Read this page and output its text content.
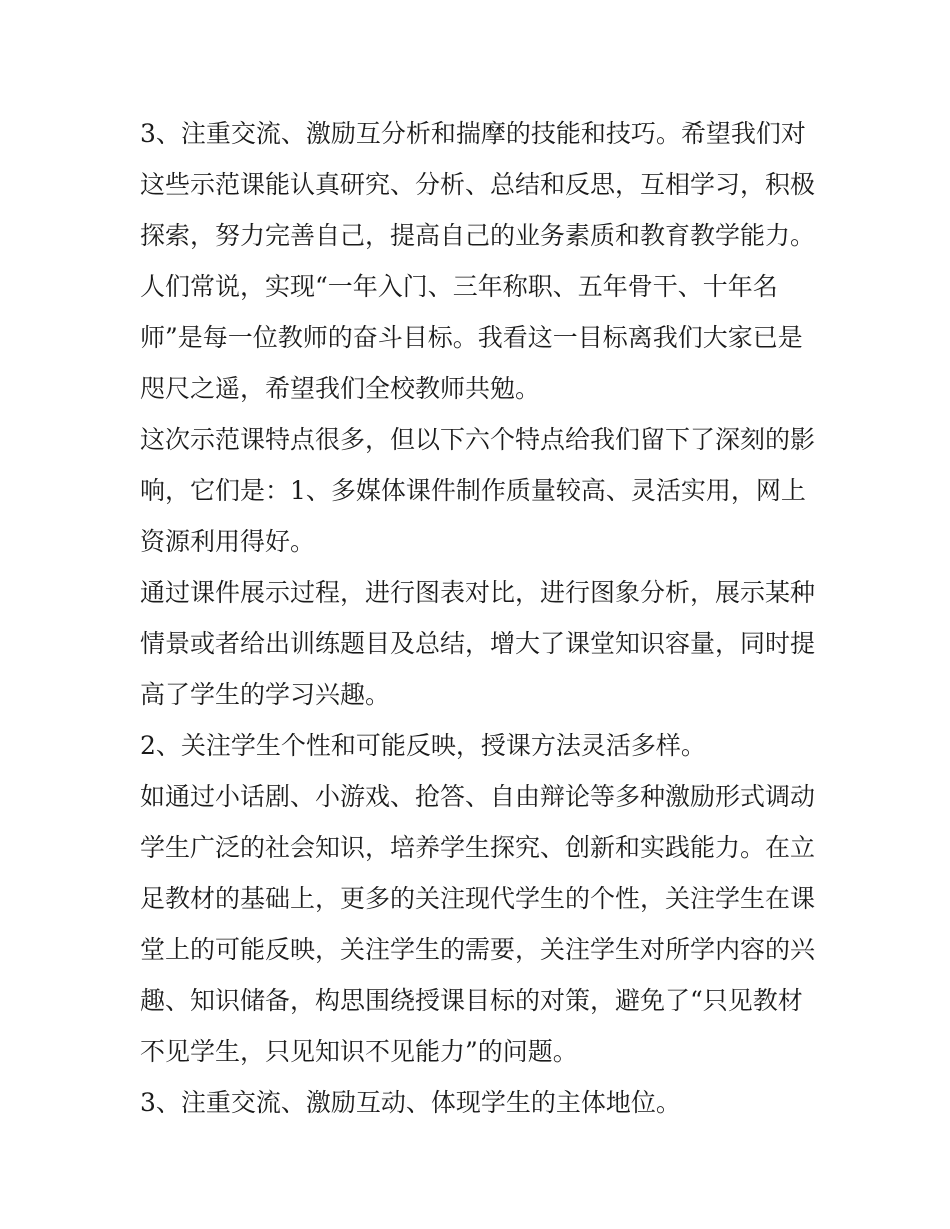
3、注重交流、激励互分析和揣摩的技能和技巧。希望我们对这些示范课能认真研究、分析、总结和反思，互相学习，积极探索，努力完善自己，提高自己的业务素质和教育教学能力。

人们常说，实现“一年入门、三年称职、五年骨干、十年名师”是每一位教师的奋斗目标。我看这一目标离我们大家已是咫尺之遥，希望我们全校教师共勉。

这次示范课特点很多，但以下六个特点给我们留下了深刻的影响，它们是：1、多媒体课件制作质量较高、灵活实用，网上资源利用得好。

通过课件展示过程，进行图表对比，进行图象分析，展示某种情景或者给出训练题目及总结，增大了课堂知识容量，同时提高了学生的学习兴趣。

2、关注学生个性和可能反映，授课方法灵活多样。

如通过小话剧、小游戏、抢答、自由辩论等多种激励形式调动学生广泛的社会知识，培养学生探究、创新和实践能力。在立足教材的基础上，更多的关注现代学生的个性，关注学生在课堂上的可能反映，关注学生的需要，关注学生对所学内容的兴趣、知识储备，构思围绕授课目标的对策，避免了“只见教材不见学生，只见知识不见能力”的问题。

3、注重交流、激励互动、体现学生的主体地位。
